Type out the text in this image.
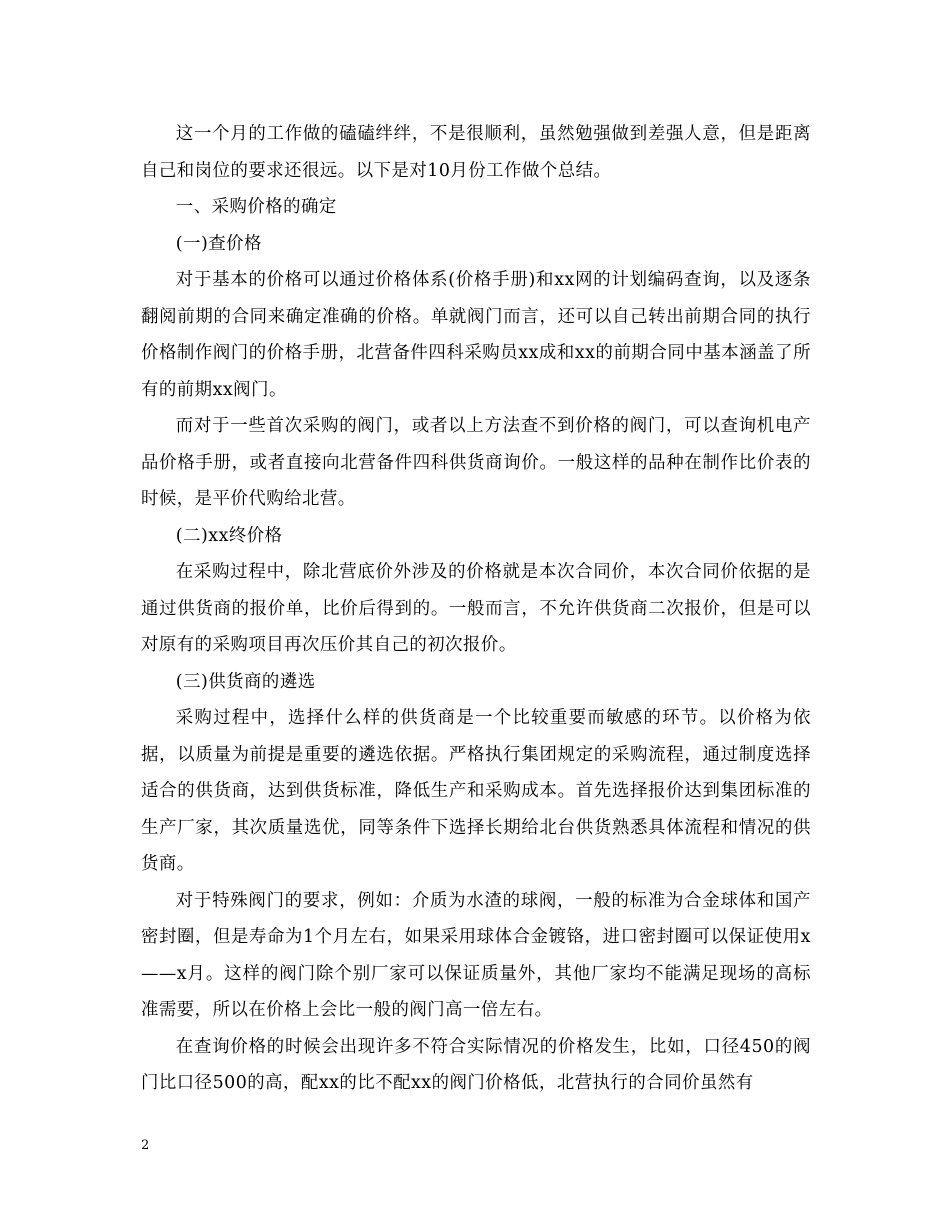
这一个月的工作做的磕磕绊绊，不是很顺利，虽然勉强做到差强人意，但是距离自己和岗位的要求还很远。以下是对10月份工作做个总结。

一、采购价格的确定

(一)查价格

对于基本的价格可以通过价格体系(价格手册)和xx网的计划编码查询，以及逐条翻阅前期的合同来确定准确的价格。单就阀门而言，还可以自己转出前期合同的执行价格制作阀门的价格手册，北营备件四科采购员xx成和xx的前期合同中基本涵盖了所有的前期xx阀门。

而对于一些首次采购的阀门，或者以上方法查不到价格的阀门，可以查询机电产品价格手册，或者直接向北营备件四科供货商询价。一般这样的品种在制作比价表的时候，是平价代购给北营。

(二)xx终价格

在采购过程中，除北营底价外涉及的价格就是本次合同价，本次合同价依据的是通过供货商的报价单，比价后得到的。一般而言，不允许供货商二次报价，但是可以对原有的采购项目再次压价其自己的初次报价。

(三)供货商的遴选

采购过程中，选择什么样的供货商是一个比较重要而敏感的环节。以价格为依据，以质量为前提是重要的遴选依据。严格执行集团规定的采购流程，通过制度选择适合的供货商，达到供货标准，降低生产和采购成本。首先选择报价达到集团标准的生产厂家，其次质量选优，同等条件下选择长期给北台供货熟悉具体流程和情况的供货商。

对于特殊阀门的要求，例如：介质为水渣的球阀，一般的标准为合金球体和国产密封圈，但是寿命为1个月左右，如果采用球体合金镀铬，进口密封圈可以保证使用x——x月。这样的阀门除个别厂家可以保证质量外，其他厂家均不能满足现场的高标准需要，所以在价格上会比一般的阀门高一倍左右。

在查询价格的时候会出现许多不符合实际情况的价格发生，比如，口径450的阀门比口径500的高，配xx的比不配xx的阀门价格低，北营执行的合同价虽然有

2
